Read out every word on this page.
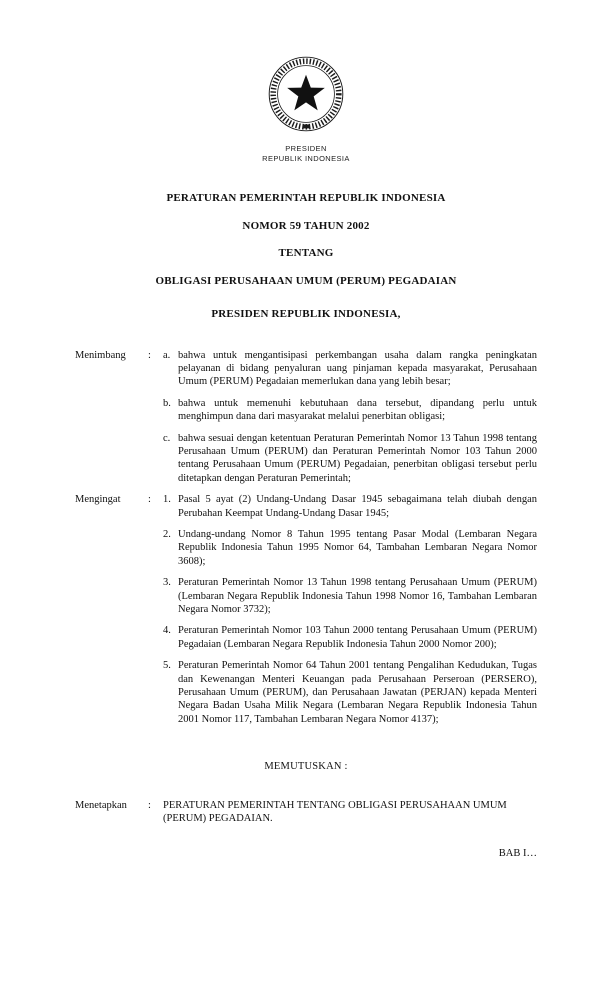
PRESIDEN
REPUBLIK INDONESIA
PERATURAN PEMERINTAH REPUBLIK INDONESIA
NOMOR 59 TAHUN 2002
TENTANG
OBLIGASI PERUSAHAAN UMUM (PERUM) PEGADAIAN
PRESIDEN REPUBLIK INDONESIA,
Menimbang	:	a. bahwa untuk mengantisipasi perkembangan usaha dalam rangka peningkatan pelayanan di bidang penyaluran uang pinjaman kepada masyarakat, Perusahaan Umum (PERUM) Pegadaian memerlukan dana yang lebih besar;
b. bahwa untuk memenuhi kebutuhaan dana tersebut, dipandang perlu untuk menghimpun dana dari masyarakat melalui penerbitan obligasi;
c. bahwa sesuai dengan ketentuan Peraturan Pemerintah Nomor 13 Tahun 1998 tentang Perusahaan Umum (PERUM) dan Peraturan Pemerintah Nomor 103 Tahun 2000 tentang Perusahaan Umum (PERUM) Pegadaian, penerbitan obligasi tersebut perlu ditetapkan dengan Peraturan Pemerintah;
Mengingat	:	1. Pasal 5 ayat (2) Undang-Undang Dasar 1945 sebagaimana telah diubah dengan Perubahan Keempat Undang-Undang Dasar 1945;
2. Undang-undang Nomor 8 Tahun 1995 tentang Pasar Modal (Lembaran Negara Republik Indonesia Tahun 1995 Nomor 64, Tambahan Lembaran Negara Nomor 3608);
3. Peraturan Pemerintah Nomor 13 Tahun 1998 tentang Perusahaan Umum (PERUM) (Lembaran Negara Republik Indonesia Tahun 1998 Nomor 16, Tambahan Lembaran Negara Nomor 3732);
4. Peraturan Pemerintah Nomor 103 Tahun 2000 tentang Perusahaan Umum (PERUM) Pegadaian (Lembaran Negara Republik Indonesia Tahun 2000 Nomor 200);
5. Peraturan Pemerintah Nomor 64 Tahun 2001 tentang Pengalihan Kedudukan, Tugas dan Kewenangan Menteri Keuangan pada Perusahaan Perseroan (PERSERO), Perusahaan Umum (PERUM), dan Perusahaan Jawatan (PERJAN) kepada Menteri Negara Badan Usaha Milik Negara (Lembaran Negara Republik Indonesia Tahun 2001 Nomor 117, Tambahan Lembaran Negara Nomor 4137);
MEMUTUSKAN :
Menetapkan	:	PERATURAN PEMERINTAH TENTANG OBLIGASI PERUSAHAAN UMUM (PERUM) PEGADAIAN.
BAB I…
